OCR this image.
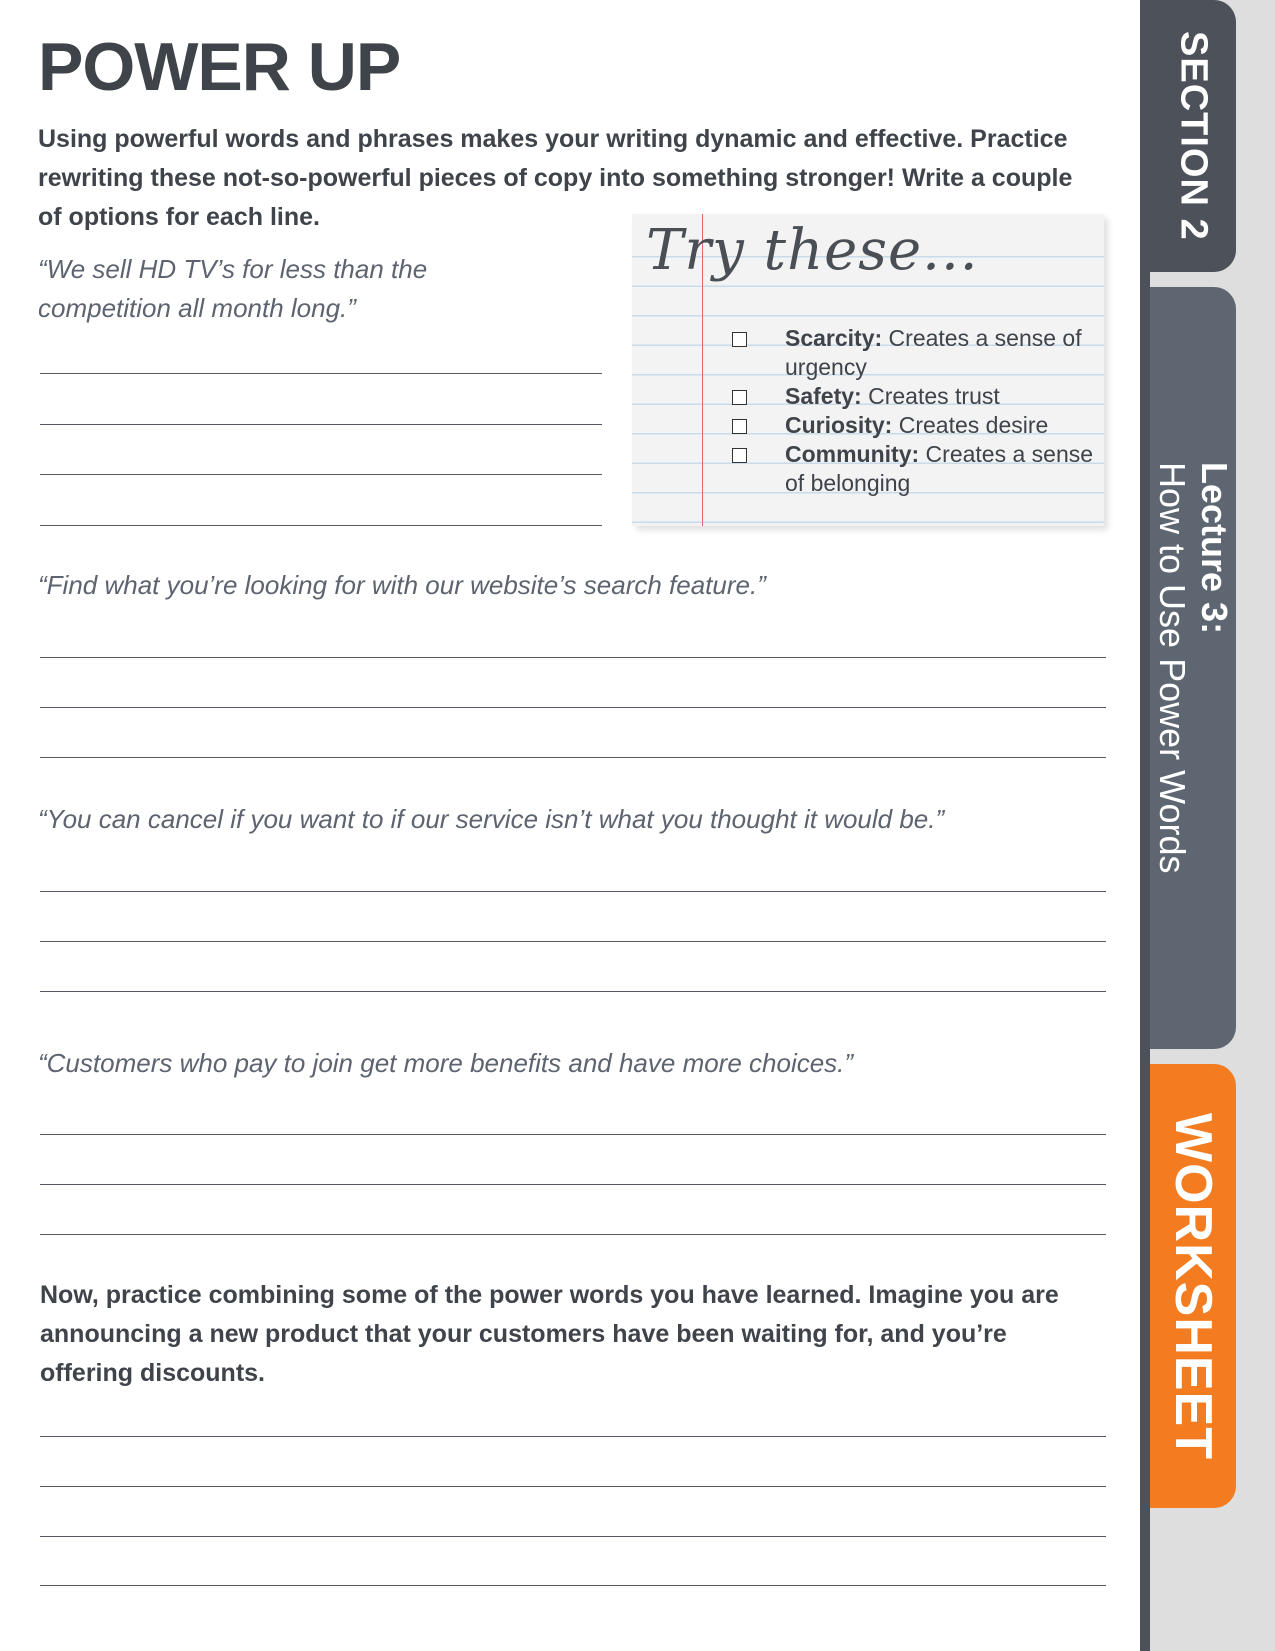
POWER UP

Using powerful words and phrases makes your writing dynamic and effective. Practice rewriting these not-so-powerful pieces of copy into something stronger! Write a couple of options for each line.

“We sell HD TV’s for less than the competition all month long.”

Try these...
Scarcity: Creates a sense of urgency
Safety: Creates trust
Curiosity: Creates desire
Community: Creates a sense of belonging

“Find what you’re looking for with our website’s search feature.”

“You can cancel if you want to if our service isn’t what you thought it would be.”

“Customers who pay to join get more benefits and have more choices.”

Now, practice combining some of the power words you have learned. Imagine you are announcing a new product that your customers have been waiting for, and you’re offering discounts.

SECTION 2
Lecture 3:
How to Use Power Words
WORKSHEET
